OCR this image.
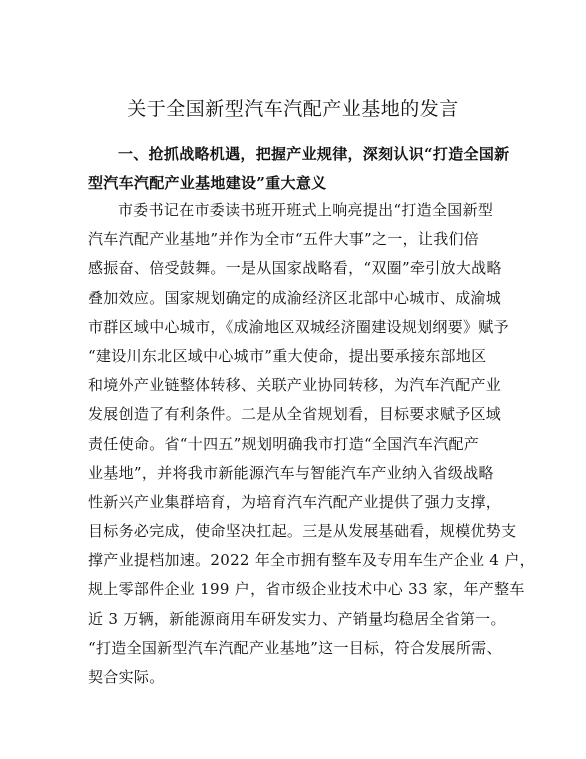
关于全国新型汽车汽配产业基地的发言
一、抢抓战略机遇，把握产业规律，深刻认识“打造全国新
型汽车汽配产业基地建设”重大意义
市委书记在市委读书班开班式上响亮提出“打造全国新型
汽车汽配产业基地”并作为全市“五件大事”之一，让我们倍
感振奋、倍受鼓舞。一是从国家战略看，“双圈”牵引放大战略
叠加效应。国家规划确定的成渝经济区北部中心城市、成渝城
市群区域中心城市，《成渝地区双城经济圈建设规划纲要》赋予
“建设川东北区域中心城市”重大使命，提出要承接东部地区
和境外产业链整体转移、关联产业协同转移，为汽车汽配产业
发展创造了有利条件。二是从全省规划看，目标要求赋予区域
责任使命。省“十四五”规划明确我市打造“全国汽车汽配产
业基地”，并将我市新能源汽车与智能汽车产业纳入省级战略
性新兴产业集群培育，为培育汽车汽配产业提供了强力支撑，
目标务必完成，使命坚决扛起。三是从发展基础看，规模优势支
撑产业提档加速。2022 年全市拥有整车及专用车生产企业 4 户，
规上零部件企业 199 户，省市级企业技术中心 33 家，年产整车
近 3 万辆，新能源商用车研发实力、产销量均稳居全省第一。
“打造全国新型汽车汽配产业基地”这一目标，符合发展所需、
契合实际。
